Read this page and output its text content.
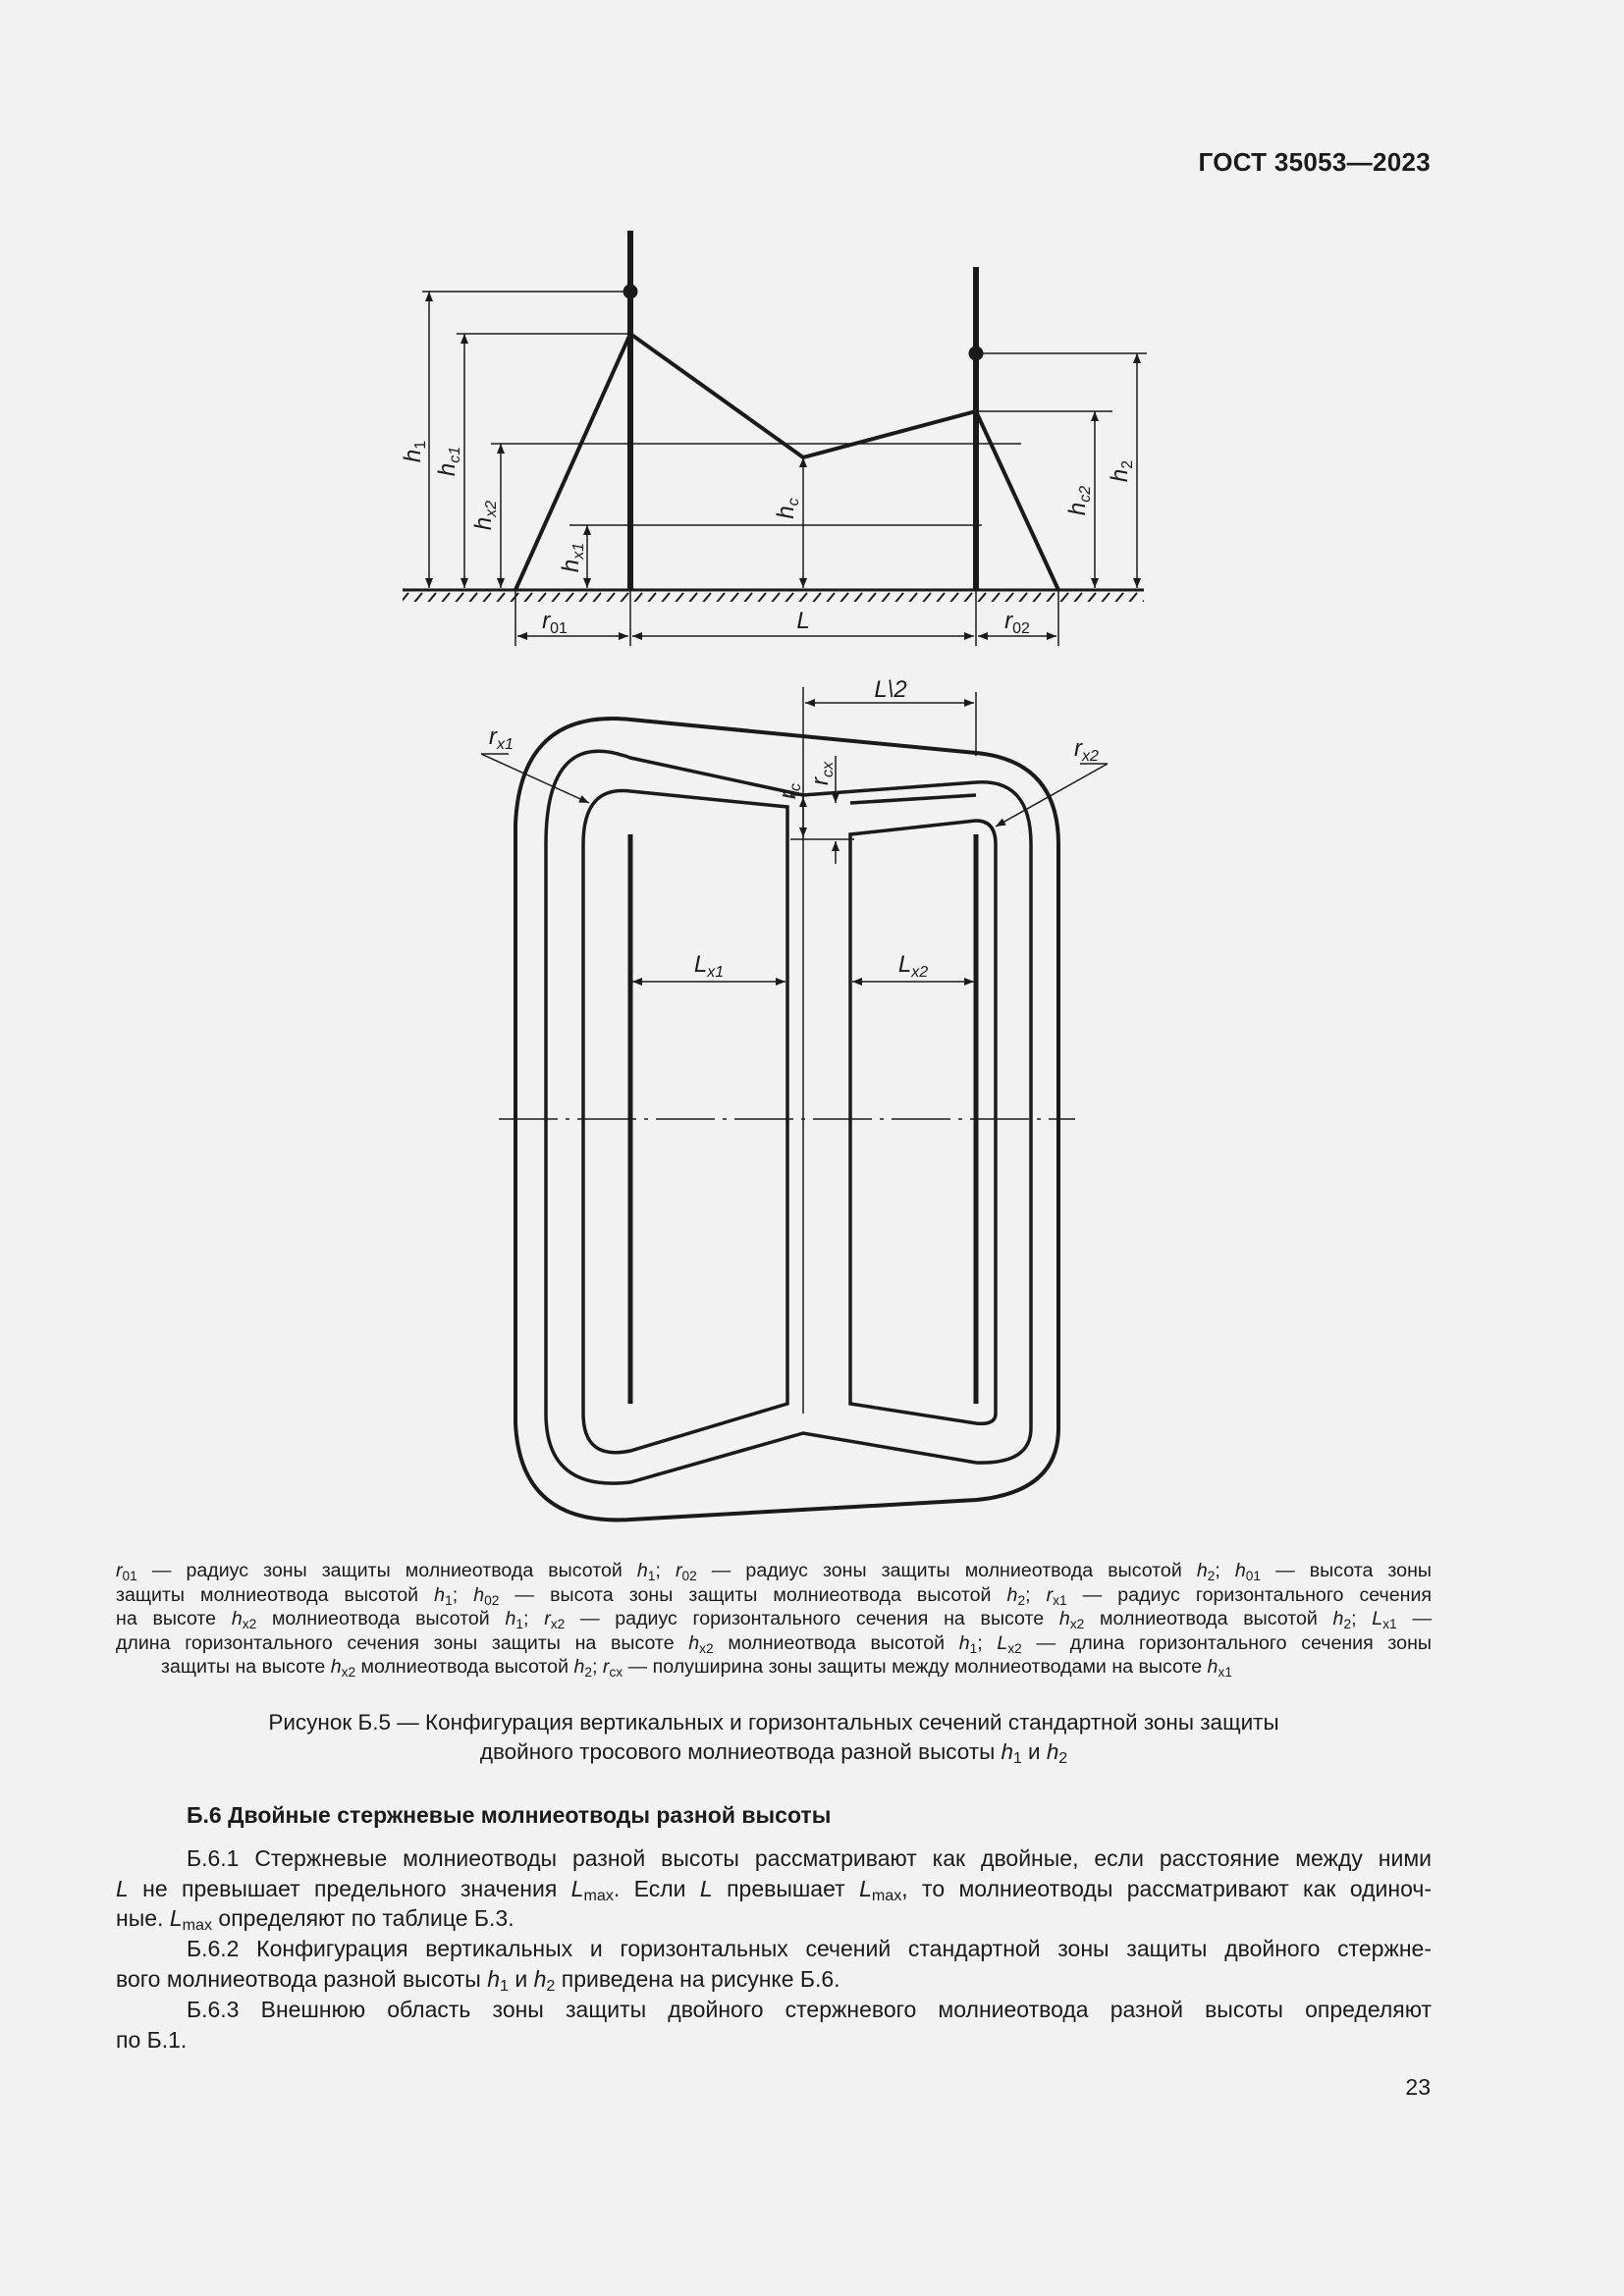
ГОСТ 35053—2023
$h_1$
$h_{c1}$
$h_{x2}$
$h_{x1}$
$h_c$
$h_{c2}$
$h_2$
$r_{01}$	L	$r_{02}$
L\2
$r_{x1}$	$r_{x2}$
$r_c$
$r_{cx}$
$L_{x1}$	$L_{x2}$
$r_{01}$ — радиус зоны защиты молниеотвода высотой $h_1$; $r_{02}$ — радиус зоны защиты молниеотвода высотой $h_2$; $h_{01}$ — высота зоны
защиты молниеотвода высотой $h_1$; $h_{02}$ — высота зоны защиты молниеотвода высотой $h_2$; $r_{x1}$ — радиус горизонтального сечения
на высоте $h_{x2}$ молниеотвода высотой $h_1$; $r_{x2}$ — радиус горизонтального сечения на высоте $h_{x2}$ молниеотвода высотой $h_2$; $L_{x1}$ —
длина горизонтального сечения зоны защиты на высоте $h_{x2}$ молниеотвода высотой $h_1$; $L_{x2}$ — длина горизонтального сечения зоны
защиты на высоте $h_{x2}$ молниеотвода высотой $h_2$; $r_{cx}$ — полуширина зоны защиты между молниеотводами на высоте $h_{x1}$
Рисунок Б.5 — Конфигурация вертикальных и горизонтальных сечений стандартной зоны защиты
двойного тросового молниеотвода разной высоты $h_1$ и $h_2$
Б.6 Двойные стержневые молниеотводы разной высоты
Б.6.1 Стержневые молниеотводы разной высоты рассматривают как двойные, если расстояние между ними
L не превышает предельного значения $L_{max}$. Если L превышает $L_{max}$, то молниеотводы рассматривают как одиноч-
ные. $L_{max}$ определяют по таблице Б.3.
Б.6.2 Конфигурация вертикальных и горизонтальных сечений стандартной зоны защиты двойного стержне-
вого молниеотвода разной высоты $h_1$ и $h_2$ приведена на рисунке Б.6.
Б.6.3 Внешнюю область зоны защиты двойного стержневого молниеотвода разной высоты определяют
по Б.1.
23
